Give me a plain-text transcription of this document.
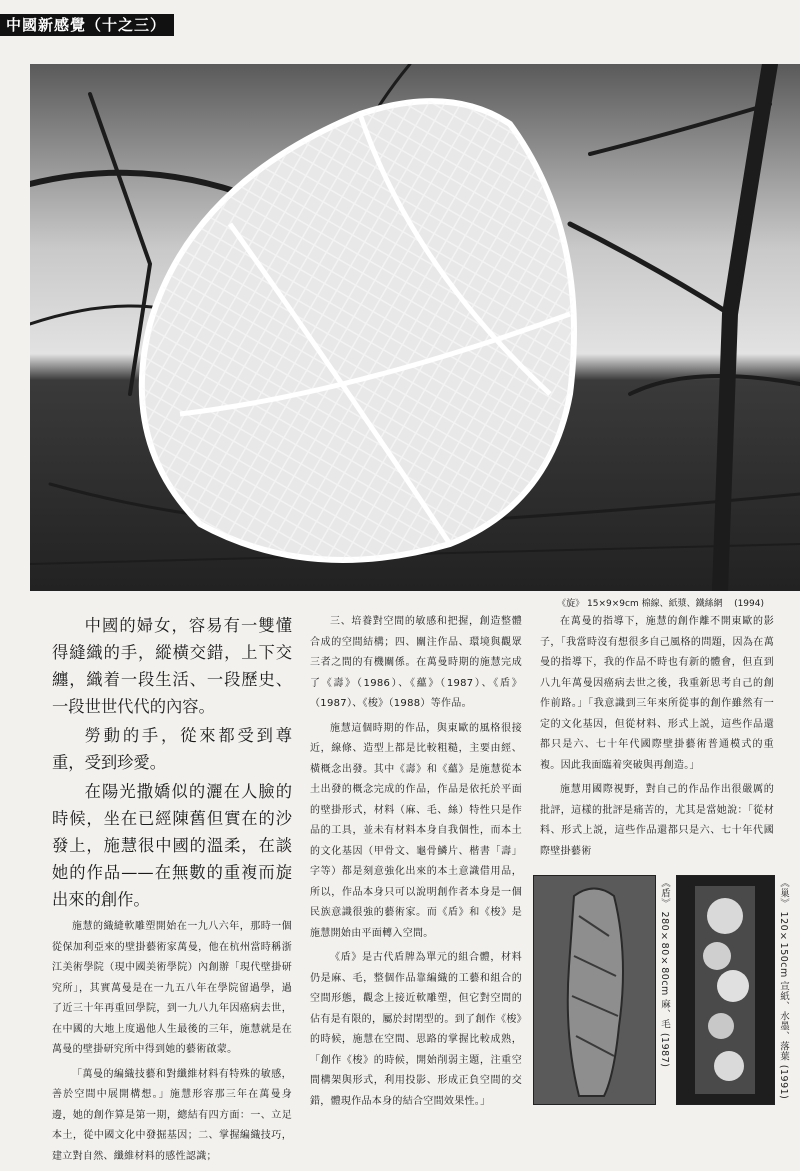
中國新感覺（十之三）
《旋》 15×9×9cm 棉線、紙漿、鐵絲網 (1994)

中國的婦女，容易有一雙懂得縫織的手，縱橫交錯，上下交纏，織着一段生活、一段歷史、一段世世代代的內容。

勞動的手，從來都受到尊重，受到珍愛。

在陽光撒嬌似的灑在人臉的時候，坐在已經陳舊但實在的沙發上，施慧很中國的溫柔，在談她的作品——在無數的重複而旋出來的創作。

施慧的織縫軟雕塑開始在一九八六年，那時一個從保加利亞來的壁掛藝術家萬曼，他在杭州當時稱浙江美術學院（現中國美術學院）內創辦「現代壁掛研究所」，其實萬曼是在一九五八年在學院留過學，過了近三十年再重回學院，到一九八九年因癌病去世，在中國的大地上度過他人生最後的三年，施慧就是在萬曼的壁掛研究所中得到她的藝術啟蒙。

「萬曼的編織技藝和對纖維材料有特殊的敏感，善於空間中展開構想。」施慧形容那三年在萬曼身邊，她的創作算是第一期，總結有四方面：一、立足本土，從中國文化中發掘基因；二、掌握編織技巧，建立對自然、纖維材料的感性認識；

三、培養對空間的敏感和把握，創造整體合成的空間結構；四、關注作品、環境與觀眾三者之間的有機關係。在萬曼時期的施慧完成了《壽》（1986）、《蘊》（1987）、《盾》（1987）、《梭》（1988）等作品。

施慧這個時期的作品，與東歐的風格很接近，線條、造型上都是比較粗糙，主要由經、橫概念出發。其中《壽》和《蘊》是施慧從本土出發的概念完成的作品，作品是依托於平面的壁掛形式，材料（麻、毛、絲）特性只是作品的工具，並未有材料本身自我個性，而本土的文化基因（甲骨文、龜骨鱗片、楷書「壽」字等）都是刻意強化出來的本土意識借用品，所以，作品本身只可以說明創作者本身是一個民族意識很強的藝術家。而《盾》和《梭》是施慧開始由平面轉入空間。

《盾》是古代盾牌為單元的組合體，材料仍是麻、毛，整個作品靠編織的工藝和組合的空間形態，觀念上接近軟雕塑，但它對空間的佔有是有限的，屬於封閉型的。到了創作《梭》的時候，施慧在空間、思路的掌握比較成熟，「創作《梭》的時候，開始削弱主題，注重空間構架與形式，利用投影、形成正負空間的交錯，體現作品本身的結合空間效果性。」

在萬曼的指導下，施慧的創作離不開東歐的影子，「我當時沒有想很多自己風格的問題，因為在萬曼的指導下，我的作品不時也有新的體會，但直到八九年萬曼因癌病去世之後，我重新思考自己的創作前路。」「我意識到三年來所從事的創作雖然有一定的文化基因，但從材料、形式上説，這些作品還都只是六、七十年代國際壁掛藝術普通模式的重複。因此我面臨着突破與再創造。」

施慧用國際視野，對自己的作品作出很嚴厲的批評，這樣的批評是痛苦的，尤其是當她說：「從材料、形式上説，這些作品還都只是六、七十年代國際壁掛藝術

《盾》 280×80×80cm 麻、毛 (1987)	《巢》 120×150cm 宣紙、水墨、落葉 (1991)
